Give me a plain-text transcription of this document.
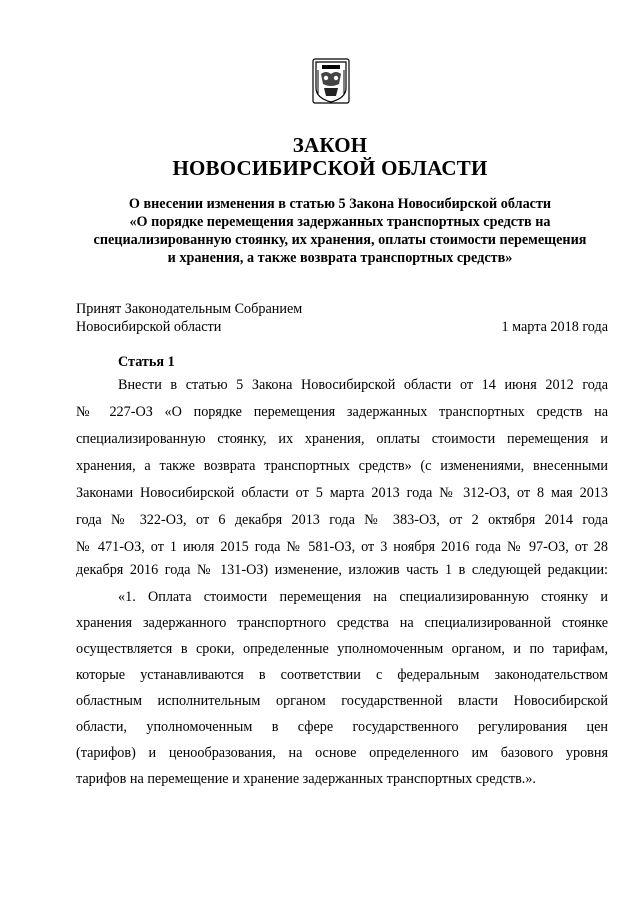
ЗАКОН
НОВОСИБИРСКОЙ ОБЛАСТИ
О внесении изменения в статью 5 Закона Новосибирской области
«О порядке перемещения задержанных транспортных средств на
специализированную стоянку, их хранения, оплаты стоимости перемещения
и хранения, а также возврата транспортных средств»
Принят Законодательным Собранием
Новосибирской области	1 марта 2018 года
Статья 1
Внести в статью 5 Закона Новосибирской области от 14 июня 2012 года
№ 227-ОЗ «О порядке перемещения задержанных транспортных средств на
специализированную стоянку, их хранения, оплаты стоимости перемещения и
хранения, а также возврата транспортных средств» (с изменениями, внесенными
Законами Новосибирской области от 5 марта 2013 года № 312-ОЗ, от 8 мая 2013
года № 322-ОЗ, от 6 декабря 2013 года № 383-ОЗ, от 2 октября 2014 года
№ 471-ОЗ, от 1 июля 2015 года № 581-ОЗ, от 3 ноября 2016 года № 97-ОЗ, от 28
декабря 2016 года № 131-ОЗ) изменение, изложив часть 1 в следующей редакции:
«1. Оплата стоимости перемещения на специализированную стоянку и
хранения задержанного транспортного средства на специализированной стоянке
осуществляется в сроки, определенные уполномоченным органом, и по тарифам,
которые устанавливаются в соответствии с федеральным законодательством
областным исполнительным органом государственной власти Новосибирской
области, уполномоченным в сфере государственного регулирования цен
(тарифов) и ценообразования, на основе определенного им базового уровня
тарифов на перемещение и хранение задержанных транспортных средств.».
